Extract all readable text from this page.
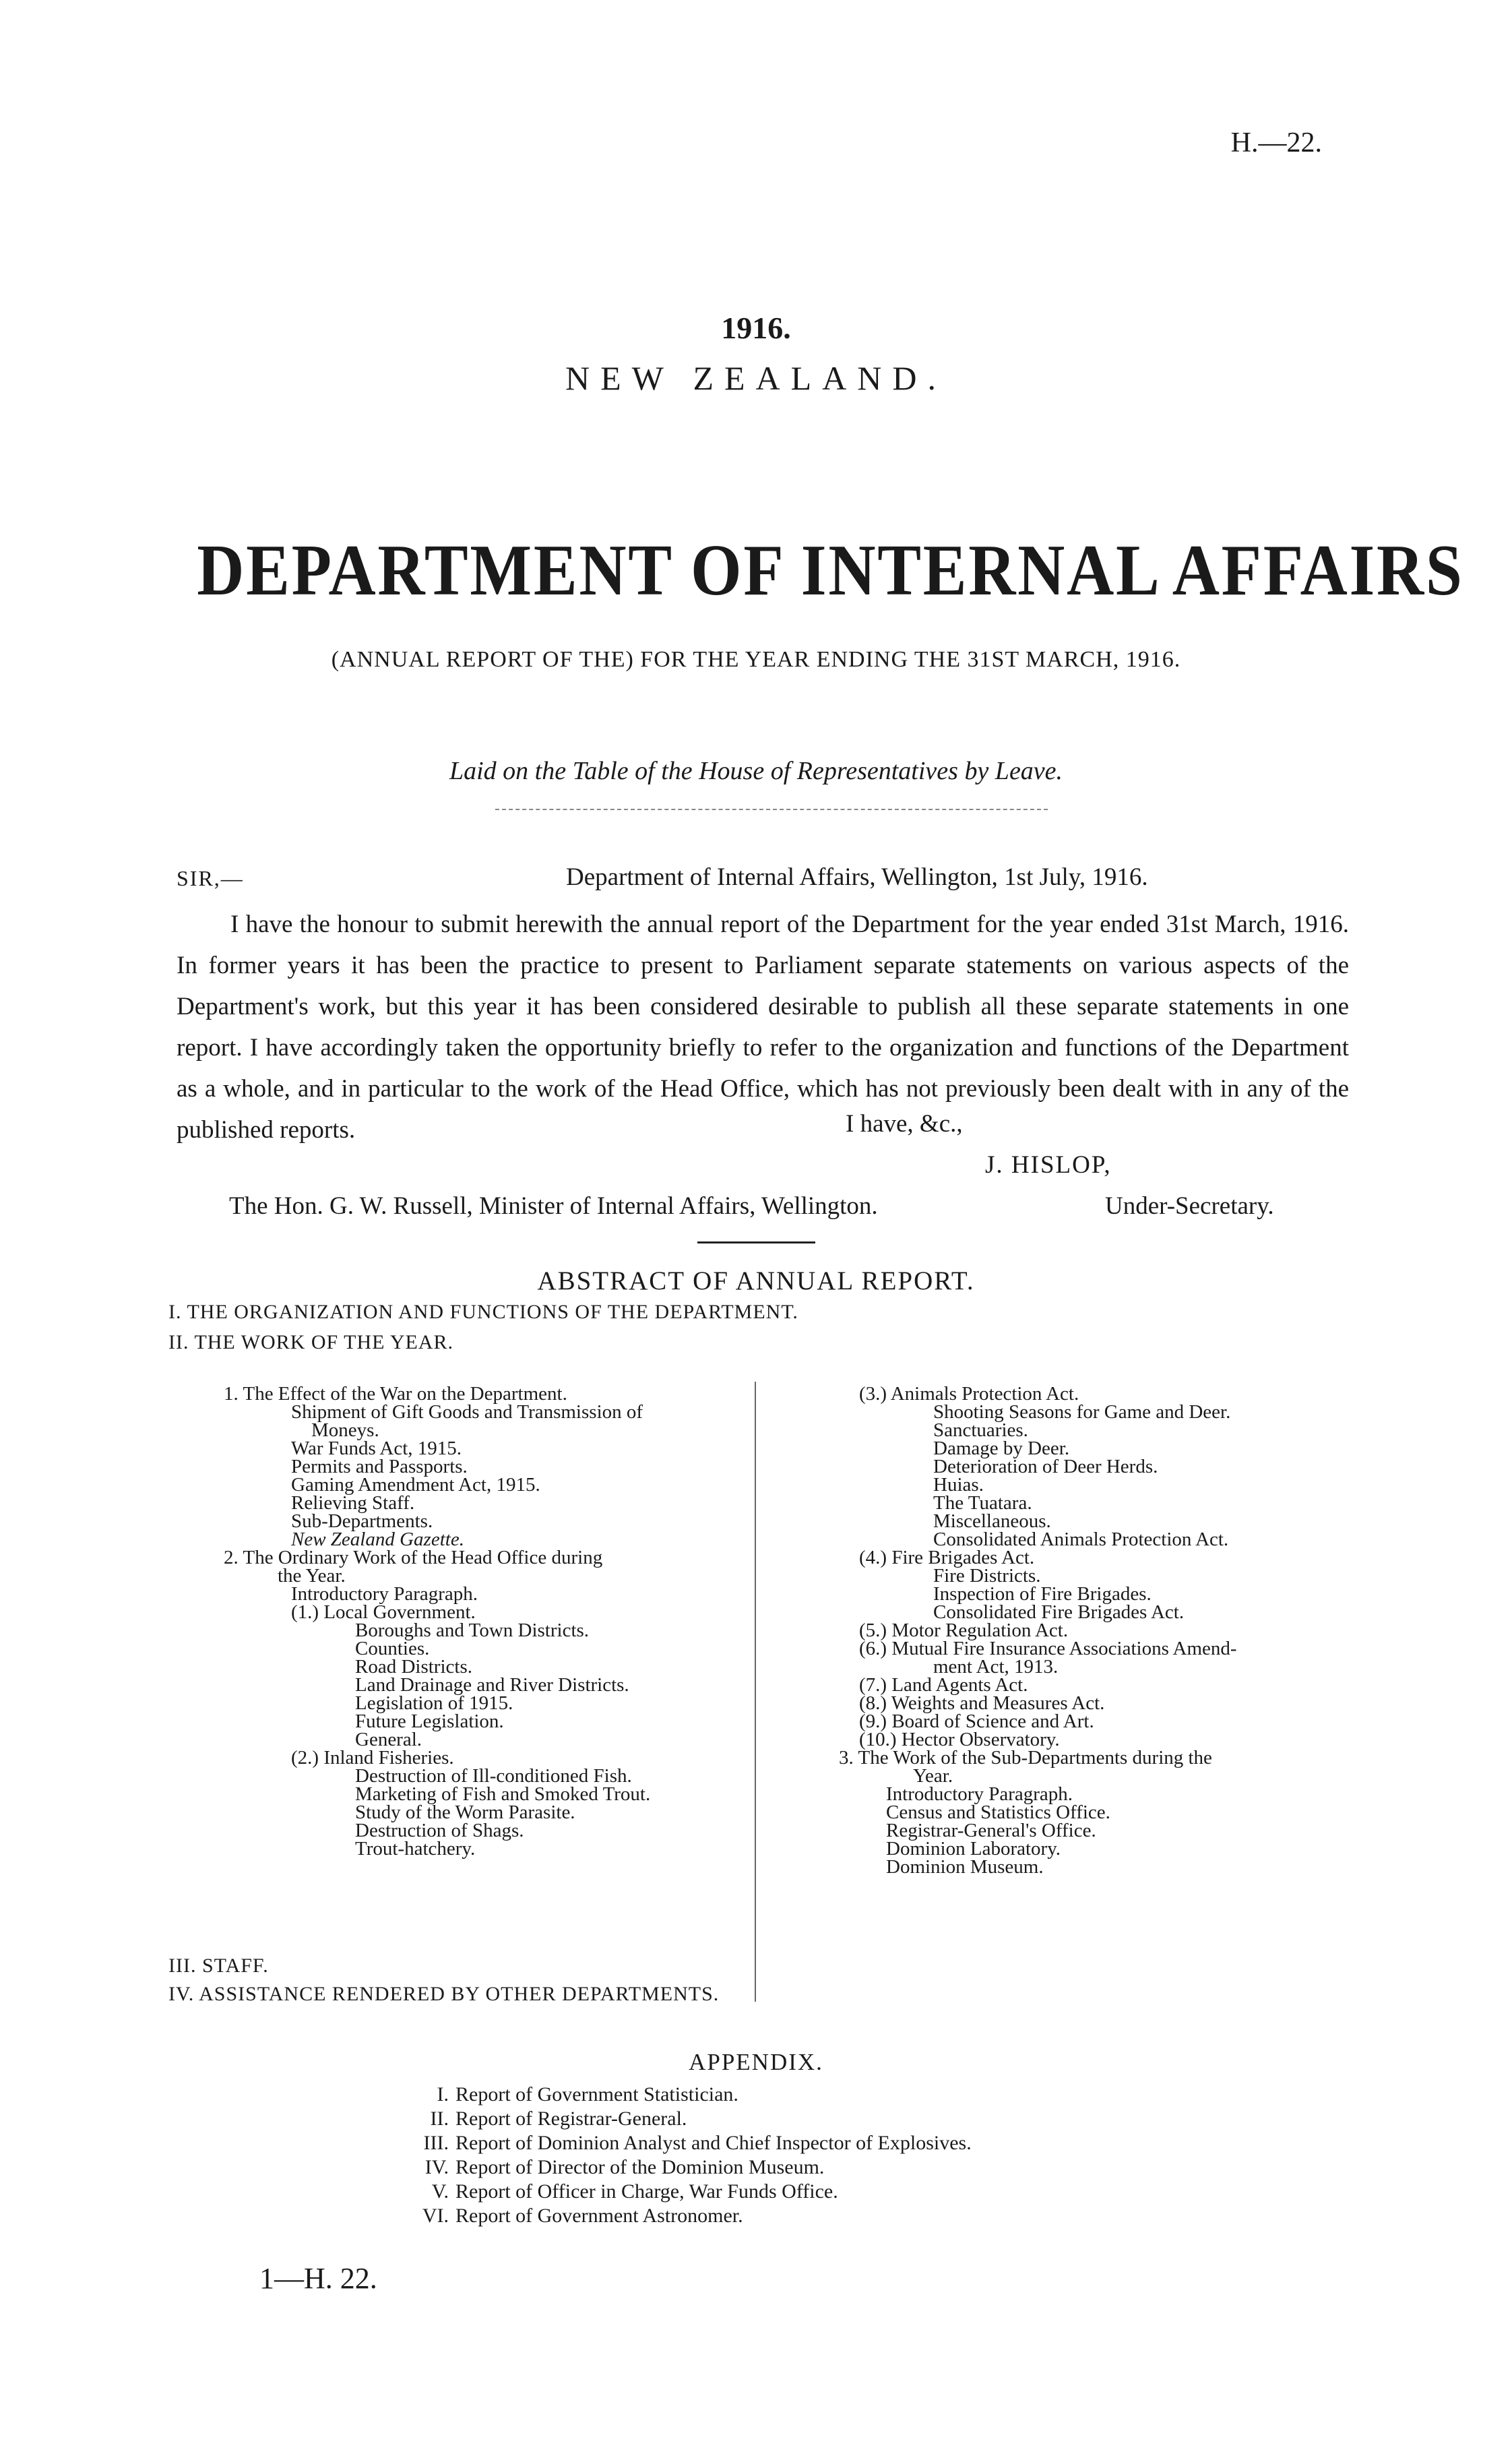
H.—22.
1916.
NEW ZEALAND.
DEPARTMENT OF INTERNAL AFFAIRS
(ANNUAL REPORT OF THE) FOR THE YEAR ENDING THE 31ST MARCH, 1916.
Laid on the Table of the House of Representatives by Leave.
SIR,—	Department of Internal Affairs, Wellington, 1st July, 1916.
I have the honour to submit herewith the annual report of the Department for the year ended 31st March, 1916. In former years it has been the practice to present to Parliament separate statements on various aspects of the Department's work, but this year it has been considered desirable to publish all these separate statements in one report. I have accordingly taken the opportunity briefly to refer to the organization and functions of the Department as a whole, and in particular to the work of the Head Office, which has not previously been dealt with in any of the published reports.	I have, &c.,
J. HISLOP,
The Hon. G. W. Russell, Minister of Internal Affairs, Wellington.	Under-Secretary.
ABSTRACT OF ANNUAL REPORT.
I. THE ORGANIZATION AND FUNCTIONS OF THE DEPARTMENT.
II. THE WORK OF THE YEAR.
1. The Effect of the War on the Department.
Shipment of Gift Goods and Transmission of
Moneys.
War Funds Act, 1915.
Permits and Passports.
Gaming Amendment Act, 1915.
Relieving Staff.
Sub-Departments.
New Zealand Gazette.
2. The Ordinary Work of the Head Office during
the Year.
Introductory Paragraph.
(1.) Local Government.
Boroughs and Town Districts.
Counties.
Road Districts.
Land Drainage and River Districts.
Legislation of 1915.
Future Legislation.
General.
(2.) Inland Fisheries.
Destruction of Ill-conditioned Fish.
Marketing of Fish and Smoked Trout.
Study of the Worm Parasite.
Destruction of Shags.
Trout-hatchery.
(3.) Animals Protection Act.
Shooting Seasons for Game and Deer.
Sanctuaries.
Damage by Deer.
Deterioration of Deer Herds.
Huias.
The Tuatara.
Miscellaneous.
Consolidated Animals Protection Act.
(4.) Fire Brigades Act.
Fire Districts.
Inspection of Fire Brigades.
Consolidated Fire Brigades Act.
(5.) Motor Regulation Act.
(6.) Mutual Fire Insurance Associations Amend-
ment Act, 1913.
(7.) Land Agents Act.
(8.) Weights and Measures Act.
(9.) Board of Science and Art.
(10.) Hector Observatory.
3. The Work of the Sub-Departments during the
Year.
Introductory Paragraph.
Census and Statistics Office.
Registrar-General's Office.
Dominion Laboratory.
Dominion Museum.
III. STAFF.
IV. ASSISTANCE RENDERED BY OTHER DEPARTMENTS.
APPENDIX.
I. Report of Government Statistician.
II. Report of Registrar-General.
III. Report of Dominion Analyst and Chief Inspector of Explosives.
IV. Report of Director of the Dominion Museum.
V. Report of Officer in Charge, War Funds Office.
VI. Report of Government Astronomer.
1—H. 22.
